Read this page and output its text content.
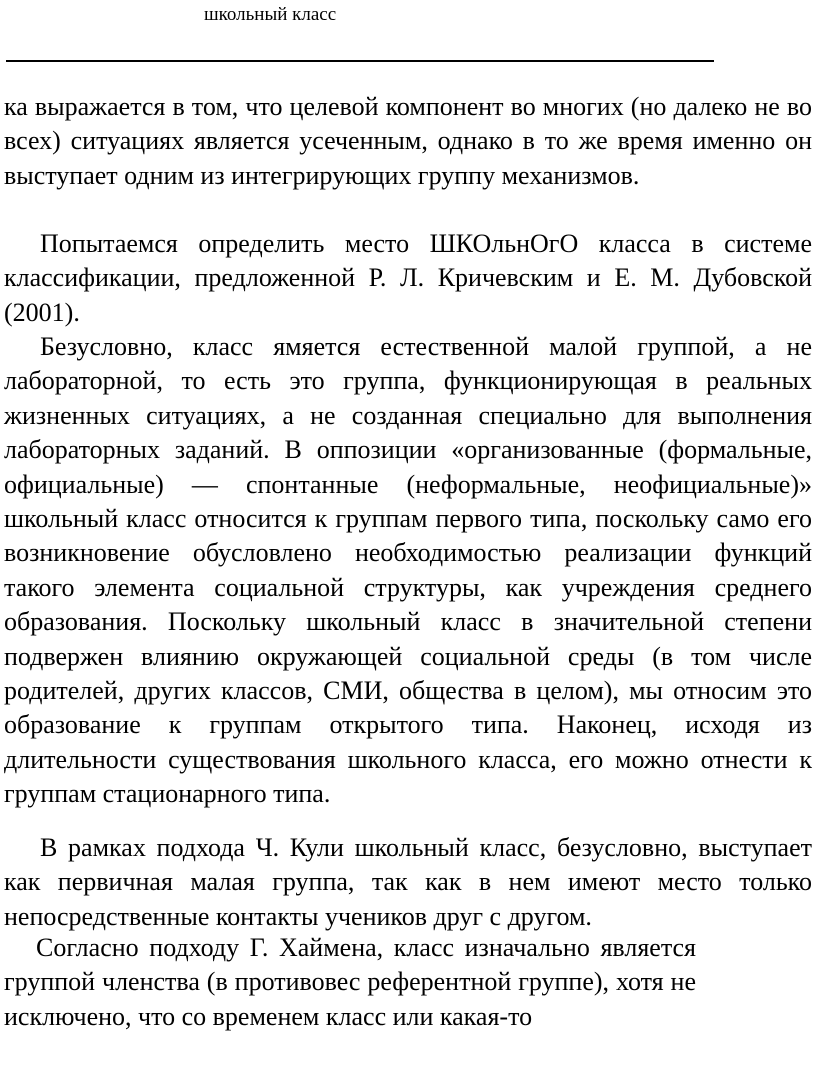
школьный класс

ка выражается в том, что целевой компонент во многих (но далеко не во всех) ситуациях является усеченным, однако в то же время именно он выступает одним из интегрирующих группу механизмов.

Попытаемся определить место ШКОльнОгО класса в системе классификации, предложенной Р. Л. Кричевским и Е. М. Дубовской (2001).

Безусловно, класс ямяется естественной малой группой, а не лабораторной, то есть это группа, функционирующая в реальных жизненных ситуациях, а не созданная специально для выполнения лабораторных заданий. В оппозиции «организованные (формальные, официальные) — спонтанные (неформальные, неофициальные)» школьный класс относится к группам первого типа, поскольку само его возникновение обусловлено необходимостью реализации функций такого элемента социальной структуры, как учреждения среднего образования. Поскольку школьный класс в значительной степени подвержен влиянию окружающей социальной среды (в том числе родителей, других классов, СМИ, общества в целом), мы относим это образование к группам открытого типа. Наконец, исходя из длительности существования школьного класса, его можно отнести к группам стационарного типа.

В рамках подхода Ч. Кули школьный класс, безусловно, выступает как первичная малая группа, так как в нем имеют место только непосредственные контакты учеников друг с другом.

Согласно подходу Г. Хаймена, класс изначально является группой членства (в противовес референтной группе), хотя не исключено, что со временем класс или какая-то
